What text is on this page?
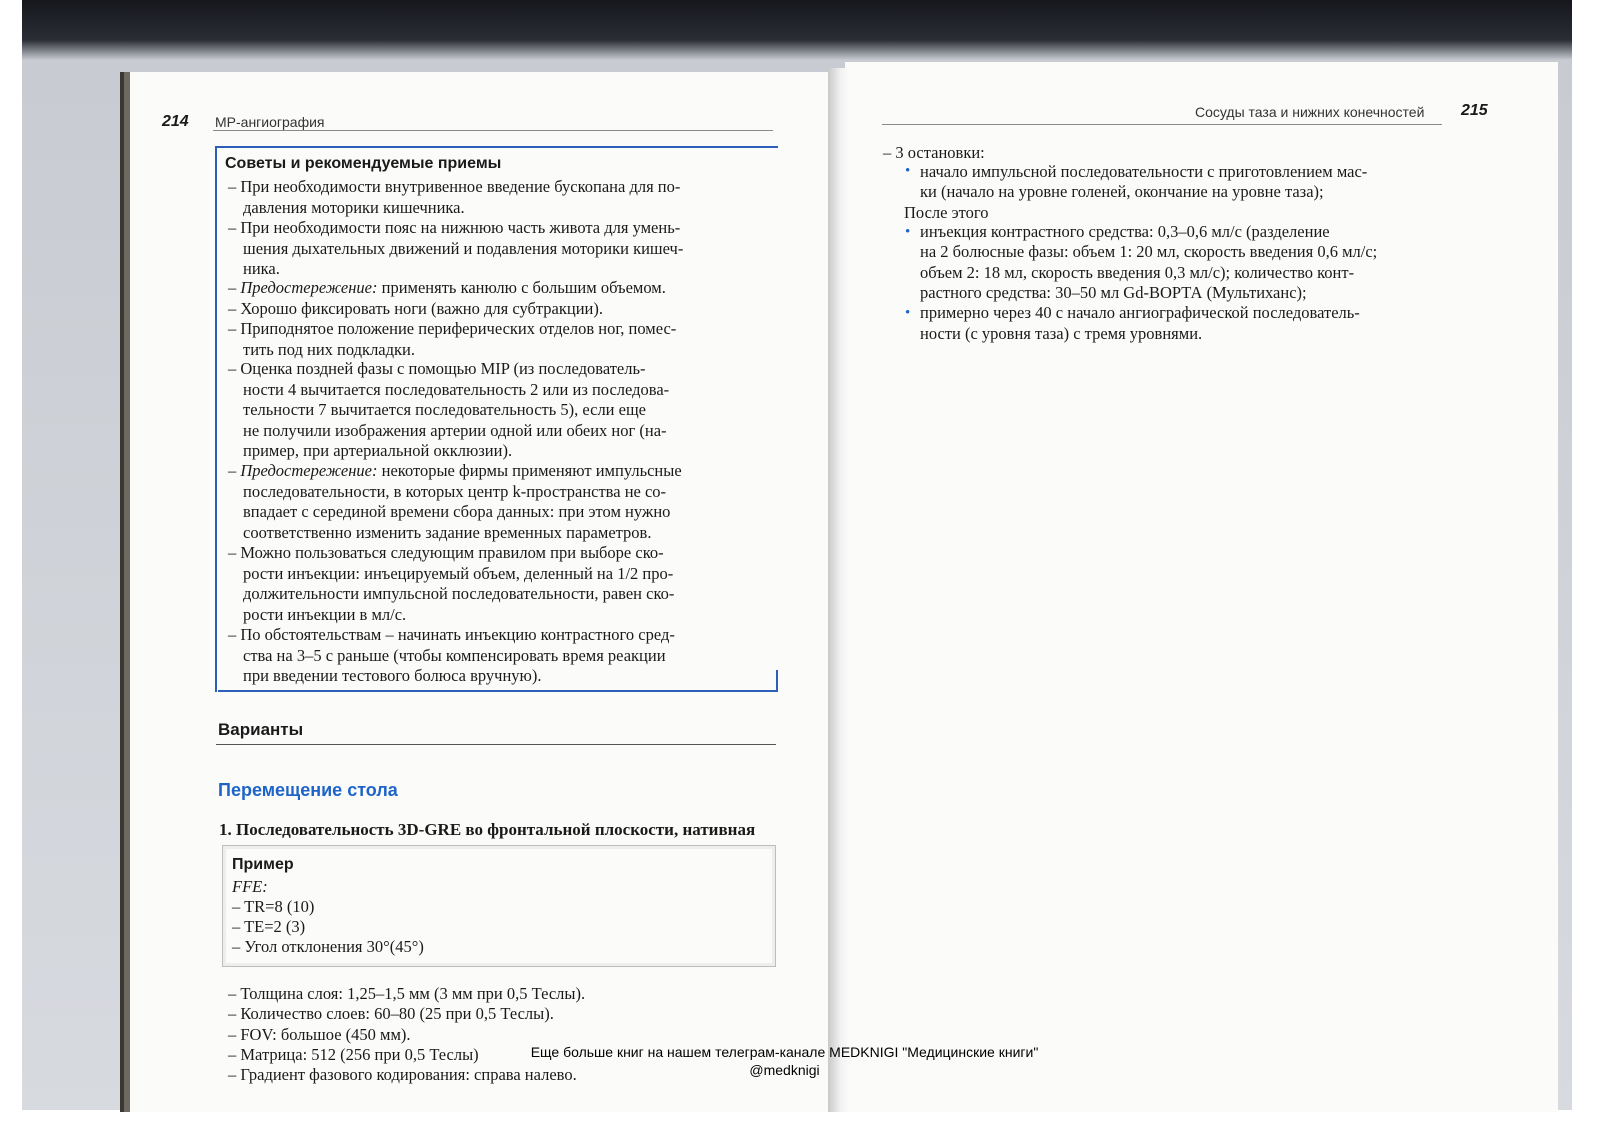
214 МР-ангиография
Советы и рекомендуемые приемы
– При необходимости внутривенное введение бускопана для по-
давления моторики кишечника.
– При необходимости пояс на нижнюю часть живота для умень-
шения дыхательных движений и подавления моторики кишеч-
ника.
– Предостережение: применять канюлю с большим объемом.
– Хорошо фиксировать ноги (важно для субтракции).
– Приподнятое положение периферических отделов ног, помес-
тить под них подкладки.
– Оценка поздней фазы с помощью MIP (из последователь-
ности 4 вычитается последовательность 2 или из последова-
тельности 7 вычитается последовательность 5), если еще
не получили изображения артерии одной или обеих ног (на-
пример, при артериальной окклюзии).
– Предостережение: некоторые фирмы применяют импульсные
последовательности, в которых центр k-пространства не со-
впадает с серединой времени сбора данных: при этом нужно
соответственно изменить задание временных параметров.
– Можно пользоваться следующим правилом при выборе ско-
рости инъекции: инъецируемый объем, деленный на 1/2 про-
должительности импульсной последовательности, равен ско-
рости инъекции в мл/с.
– По обстоятельствам – начинать инъекцию контрастного сред-
ства на 3–5 с раньше (чтобы компенсировать время реакции
при введении тестового болюса вручную).
Варианты
Перемещение стола
1. Последовательность 3D-GRE во фронтальной плоскости, нативная
Пример
FFE:
– TR=8 (10)
– TE=2 (3)
– Угол отклонения 30°(45°)
– Толщина слоя: 1,25–1,5 мм (3 мм при 0,5 Теслы).
– Количество слоев: 60–80 (25 при 0,5 Теслы).
– FOV: большое (450 мм).
– Матрица: 512 (256 при 0,5 Теслы)
– Градиент фазового кодирования: справа налево.
Сосуды таза и нижних конечностей 215
– 3 остановки:
• начало импульсной последовательности с приготовлением мас-
ки (начало на уровне голеней, окончание на уровне таза);
После этого
• инъекция контрастного средства: 0,3–0,6 мл/с (разделение
на 2 болюсные фазы: объем 1: 20 мл, скорость введения 0,6 мл/с;
объем 2: 18 мл, скорость введения 0,3 мл/с); количество конт-
растного средства: 30–50 мл Gd-ВОРТА (Мультиханс);
• примерно через 40 с начало ангиографической последователь-
ности (с уровня таза) с тремя уровнями.
Еще больше книг на нашем телеграм-канале MEDKNIGI "Медицинские книги"
@medknigi
